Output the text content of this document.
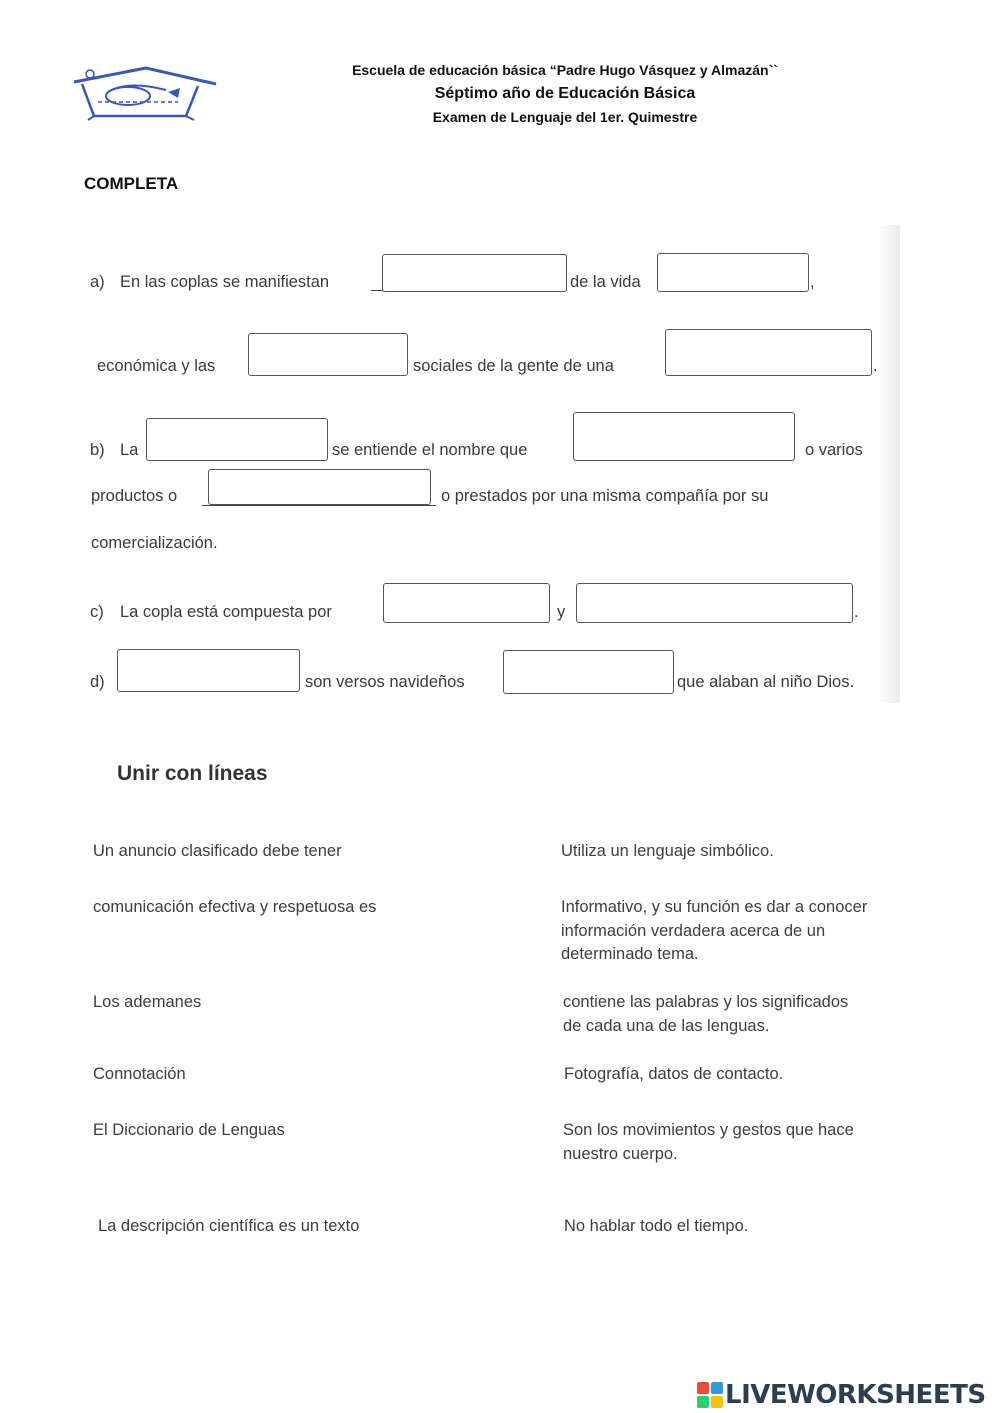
Escuela de educación básica “Padre Hugo Vásquez y Almazán``
Séptimo año de Educación Básica
Examen de Lenguaje del 1er. Quimestre
COMPLETA
a) En las coplas se manifiestan	de la vida	,
económica y las	sociales de la gente de una	.
b) La	se entiende el nombre que	o varios
productos o	o prestados por una misma compañía por su
comercialización.
c) La copla está compuesta por	y	.
d)	son versos navideños	que alaban al niño Dios.
Unir con líneas
Un anuncio clasificado debe tener
comunicación efectiva y respetuosa es
Los ademanes
Connotación
El Diccionario de Lenguas
La descripción científica es un texto
Utiliza un lenguaje simbólico.
Informativo, y su función es dar a conocer
información verdadera acerca de un
determinado tema.
contiene las palabras y los significados
de cada una de las lenguas.
Fotografía, datos de contacto.
Son los movimientos y gestos que hace
nuestro cuerpo.
No hablar todo el tiempo.
LIVEWORKSHEETS
